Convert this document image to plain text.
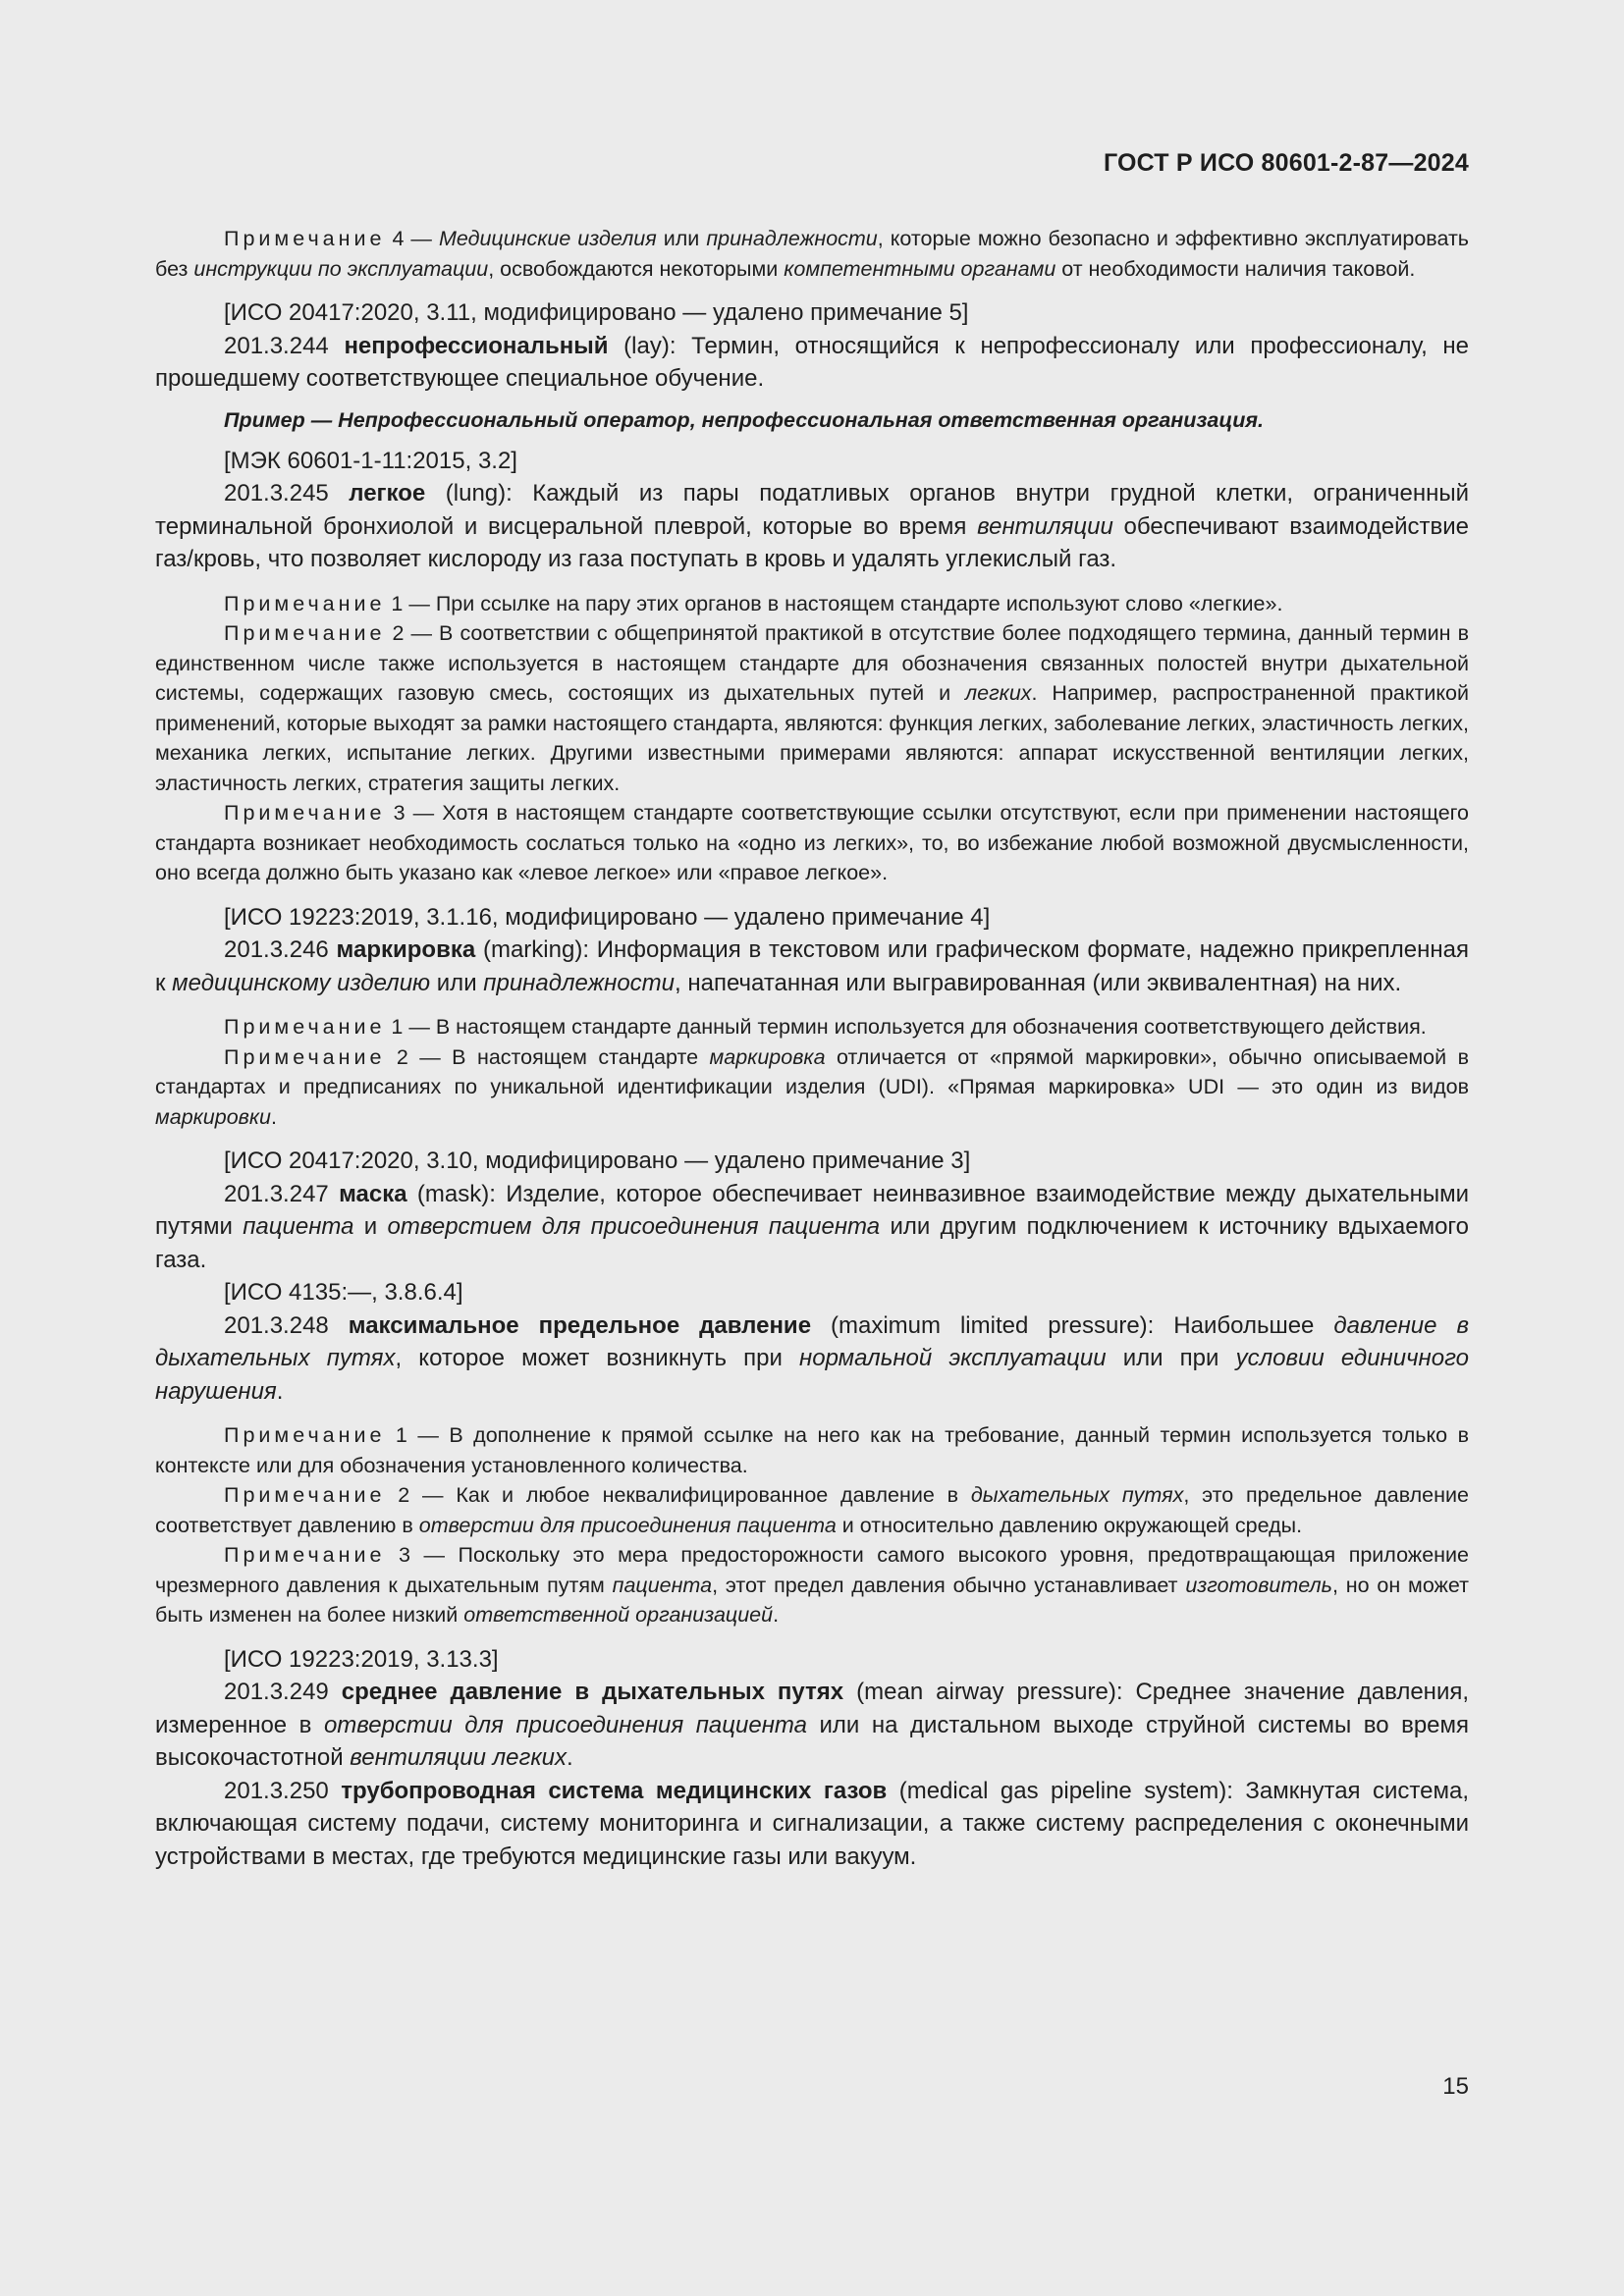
ГОСТ Р ИСО 80601-2-87—2024

Примечание 4 — Медицинские изделия или принадлежности, которые можно безопасно и эффективно эксплуатировать без инструкции по эксплуатации, освобождаются некоторыми компетентными органами от необходимости наличия таковой.

[ИСО 20417:2020, 3.11, модифицировано — удалено примечание 5]

201.3.244 непрофессиональный (lay): Термин, относящийся к непрофессионалу или профессионалу, не прошедшему соответствующее специальное обучение.

Пример — Непрофессиональный оператор, непрофессиональная ответственная организация.

[МЭК 60601-1-11:2015, 3.2]

201.3.245 легкое (lung): Каждый из пары податливых органов внутри грудной клетки, ограниченный терминальной бронхиолой и висцеральной плеврой, которые во время вентиляции обеспечивают взаимодействие газ/кровь, что позволяет кислороду из газа поступать в кровь и удалять углекислый газ.

Примечание 1 — При ссылке на пару этих органов в настоящем стандарте используют слово «легкие».

Примечание 2 — В соответствии с общепринятой практикой в отсутствие более подходящего термина, данный термин в единственном числе также используется в настоящем стандарте для обозначения связанных полостей внутри дыхательной системы, содержащих газовую смесь, состоящих из дыхательных путей и легких. Например, распространенной практикой применений, которые выходят за рамки настоящего стандарта, являются: функция легких, заболевание легких, эластичность легких, механика легких, испытание легких. Другими известными примерами являются: аппарат искусственной вентиляции легких, эластичность легких, стратегия защиты легких.

Примечание 3 — Хотя в настоящем стандарте соответствующие ссылки отсутствуют, если при применении настоящего стандарта возникает необходимость сослаться только на «одно из легких», то, во избежание любой возможной двусмысленности, оно всегда должно быть указано как «левое легкое» или «правое легкое».

[ИСО 19223:2019, 3.1.16, модифицировано — удалено примечание 4]

201.3.246 маркировка (marking): Информация в текстовом или графическом формате, надежно прикрепленная к медицинскому изделию или принадлежности, напечатанная или выгравированная (или эквивалентная) на них.

Примечание 1 — В настоящем стандарте данный термин используется для обозначения соответствующего действия.

Примечание 2 — В настоящем стандарте маркировка отличается от «прямой маркировки», обычно описываемой в стандартах и предписаниях по уникальной идентификации изделия (UDI). «Прямая маркировка» UDI — это один из видов маркировки.

[ИСО 20417:2020, 3.10, модифицировано — удалено примечание 3]

201.3.247 маска (mask): Изделие, которое обеспечивает неинвазивное взаимодействие между дыхательными путями пациента и отверстием для присоединения пациента или другим подключением к источнику вдыхаемого газа.

[ИСО 4135:—, 3.8.6.4]

201.3.248 максимальное предельное давление (maximum limited pressure): Наибольшее давление в дыхательных путях, которое может возникнуть при нормальной эксплуатации или при условии единичного нарушения.

Примечание 1 — В дополнение к прямой ссылке на него как на требование, данный термин используется только в контексте или для обозначения установленного количества.

Примечание 2 — Как и любое неквалифицированное давление в дыхательных путях, это предельное давление соответствует давлению в отверстии для присоединения пациента и относительно давлению окружающей среды.

Примечание 3 — Поскольку это мера предосторожности самого высокого уровня, предотвращающая приложение чрезмерного давления к дыхательным путям пациента, этот предел давления обычно устанавливает изготовитель, но он может быть изменен на более низкий ответственной организацией.

[ИСО 19223:2019, 3.13.3]

201.3.249 среднее давление в дыхательных путях (mean airway pressure): Среднее значение давления, измеренное в отверстии для присоединения пациента или на дистальном выходе струйной системы во время высокочастотной вентиляции легких.

201.3.250 трубопроводная система медицинских газов (medical gas pipeline system): Замкнутая система, включающая систему подачи, систему мониторинга и сигнализации, а также систему распределения с оконечными устройствами в местах, где требуются медицинские газы или вакуум.

15
